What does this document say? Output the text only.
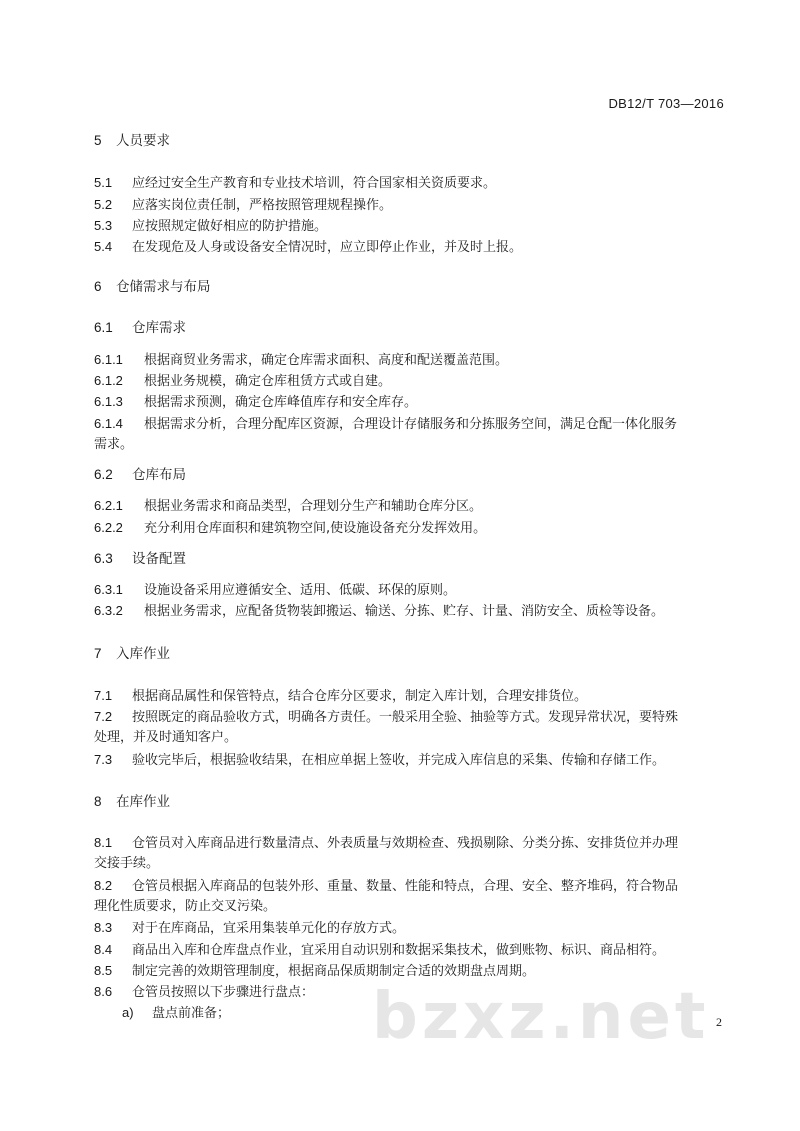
DB12/T 703—2016
5 人员要求
5.1 应经过安全生产教育和专业技术培训，符合国家相关资质要求。
5.2 应落实岗位责任制，严格按照管理规程操作。
5.3 应按照规定做好相应的防护措施。
5.4 在发现危及人身或设备安全情况时，应立即停止作业，并及时上报。
6 仓储需求与布局
6.1 仓库需求
6.1.1 根据商贸业务需求，确定仓库需求面积、高度和配送覆盖范围。
6.1.2 根据业务规模，确定仓库租赁方式或自建。
6.1.3 根据需求预测，确定仓库峰值库存和安全库存。
6.1.4 根据需求分析，合理分配库区资源，合理设计存储服务和分拣服务空间，满足仓配一体化服务
需求。
6.2 仓库布局
6.2.1 根据业务需求和商品类型，合理划分生产和辅助仓库分区。
6.2.2 充分利用仓库面积和建筑物空间,使设施设备充分发挥效用。
6.3 设备配置
6.3.1 设施设备采用应遵循安全、适用、低碳、环保的原则。
6.3.2 根据业务需求，应配备货物装卸搬运、输送、分拣、贮存、计量、消防安全、质检等设备。
7 入库作业
7.1 根据商品属性和保管特点，结合仓库分区要求，制定入库计划，合理安排货位。
7.2 按照既定的商品验收方式，明确各方责任。一般采用全验、抽验等方式。发现异常状况，要特殊
处理，并及时通知客户。
7.3 验收完毕后，根据验收结果，在相应单据上签收，并完成入库信息的采集、传输和存储工作。
8 在库作业
8.1 仓管员对入库商品进行数量清点、外表质量与效期检查、残损剔除、分类分拣、安排货位并办理
交接手续。
8.2 仓管员根据入库商品的包装外形、重量、数量、性能和特点，合理、安全、整齐堆码，符合物品
理化性质要求，防止交叉污染。
8.3 对于在库商品，宜采用集装单元化的存放方式。
8.4 商品出入库和仓库盘点作业，宜采用自动识别和数据采集技术，做到账物、标识、商品相符。
8.5 制定完善的效期管理制度，根据商品保质期制定合适的效期盘点周期。
8.6 仓管员按照以下步骤进行盘点：
a) 盘点前准备；	bzxz.net 2
